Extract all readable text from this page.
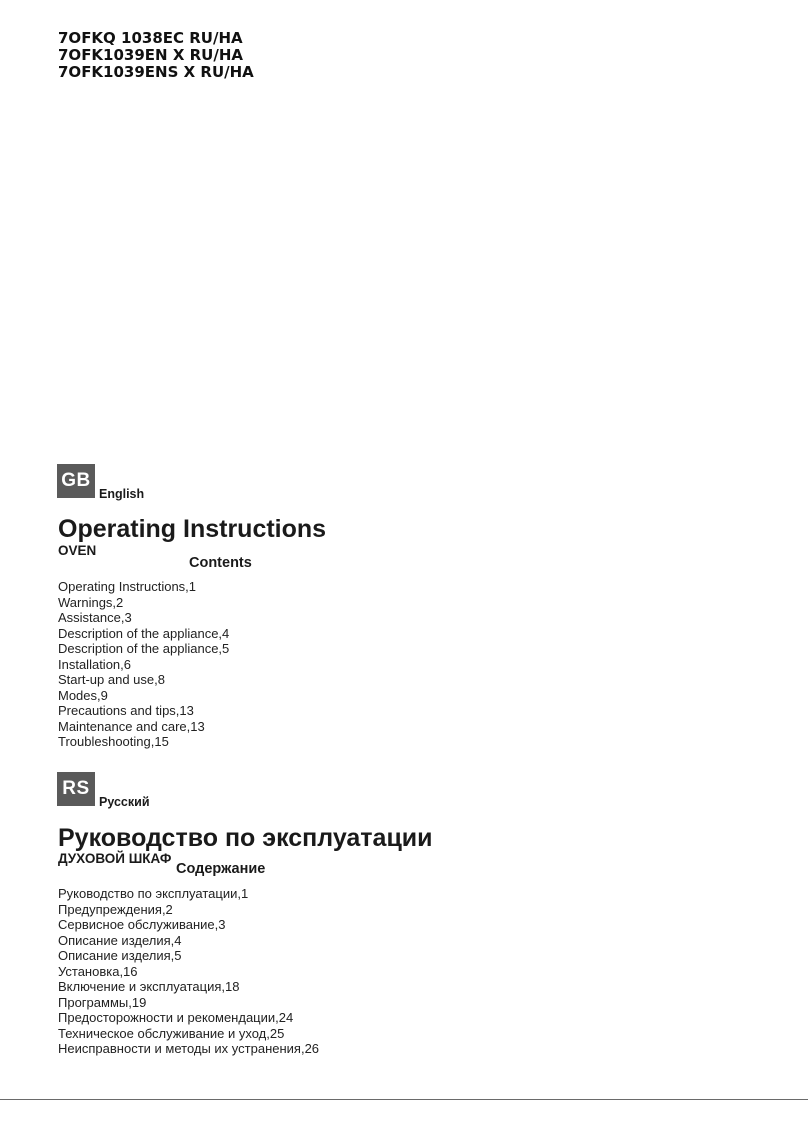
7OFKQ 1038EC RU/HA
7OFK1039EN X RU/HA
7OFK1039ENS X RU/HA
GB
English
Operating Instructions
OVEN
Contents
Operating Instructions,1
Warnings,2
Assistance,3
Description of the appliance,4
Description of the appliance,5
Installation,6
Start-up and use,8
Modes,9
Precautions and tips,13
Maintenance and care,13
Troubleshooting,15
RS
Русский
Руководство по эксплуатации
ДУХОВОЙ ШКАФ
Содержание
Руководство по эксплуатации,1
Предупреждения,2
Сервисное обслуживание,3
Описание изделия,4
Описание изделия,5
Установка,16
Включение и эксплуатация,18
Программы,19
Предосторожности и рекомендации,24
Техническое обслуживание и уход,25
Неисправности и методы их устранения,26
